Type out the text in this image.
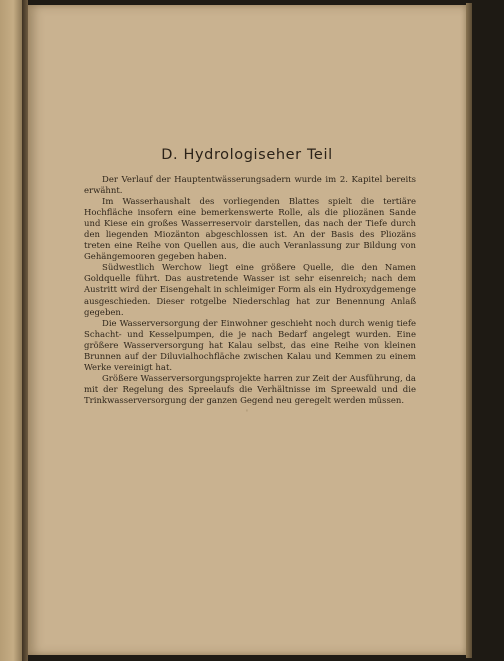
D. Hydrologiseher Teil

Der Verlauf der Hauptentwässerungsadern wurde im 2. Kapitel bereits erwähnt.

Im Wasserhaushalt des vorliegenden Blattes spielt die tertiäre Hochfläche insofern eine bemerkenswerte Rolle, als die pliozänen Sande und Kiese ein großes Wasserreservoir darstellen, das nach der Tiefe durch den liegenden Miozänton abgeschlossen ist. An der Basis des Pliozäns treten eine Reihe von Quellen aus, die auch Veranlassung zur Bildung von Gehängemooren gegeben haben.

Südwestlich Werchow liegt eine größere Quelle, die den Namen Goldquelle führt. Das austretende Wasser ist sehr eisenreich; nach dem Austritt wird der Eisengehalt in schleimiger Form als ein Hydroxydgemenge ausgeschieden. Dieser rotgelbe Niederschlag hat zur Benennung Anlaß gegeben.

Die Wasserversorgung der Einwohner geschieht noch durch wenig tiefe Schacht- und Kesselpumpen, die je nach Bedarf angelegt wurden. Eine größere Wasserversorgung hat Kalau selbst, das eine Reihe von kleinen Brunnen auf der Diluvialhochfläche zwischen Kalau und Kemmen zu einem Werke vereinigt hat.

Größere Wasserversorgungsprojekte harren zur Zeit der Ausführung, da mit der Regelung des Spreelaufs die Verhältnisse im Spreewald und die Trinkwasserversorgung der ganzen Gegend neu geregelt werden müssen.

'
